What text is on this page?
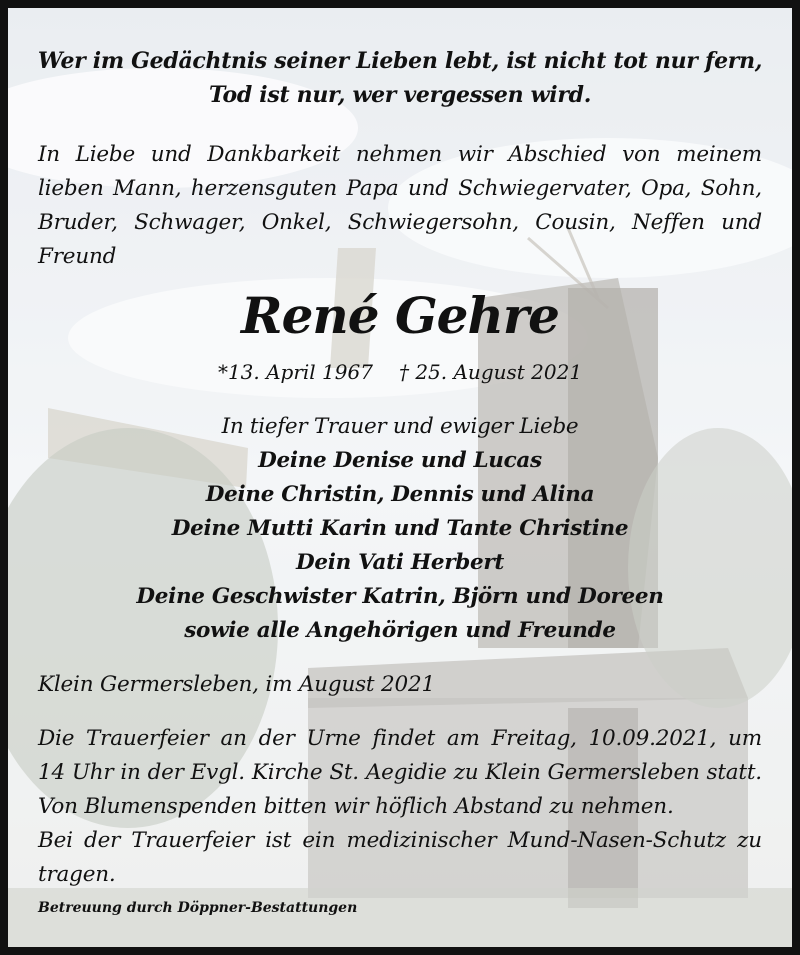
Wer im Gedächtnis seiner Lieben lebt, ist nicht tot nur fern,
Tod ist nur, wer vergessen wird.
In Liebe und Dankbarkeit nehmen wir Abschied von meinem
lieben Mann, herzensguten Papa und Schwiegervater, Opa, Sohn,
Bruder, Schwager, Onkel, Schwiegersohn, Cousin, Neffen und
Freund
René Gehre
*13. April 1967 † 25. August 2021
In tiefer Trauer und ewiger Liebe
Deine Denise und Lucas
Deine Christin, Dennis und Alina
Deine Mutti Karin und Tante Christine
Dein Vati Herbert
Deine Geschwister Katrin, Björn und Doreen
sowie alle Angehörigen und Freunde
Klein Germersleben, im August 2021
Die Trauerfeier an der Urne findet am Freitag, 10.09.2021, um
14 Uhr in der Evgl. Kirche St. Aegidie zu Klein Germersleben statt.
Von Blumenspenden bitten wir höflich Abstand zu nehmen.
Bei der Trauerfeier ist ein medizinischer Mund-Nasen-Schutz zu
tragen.
Betreuung durch Döppner-Bestattungen
